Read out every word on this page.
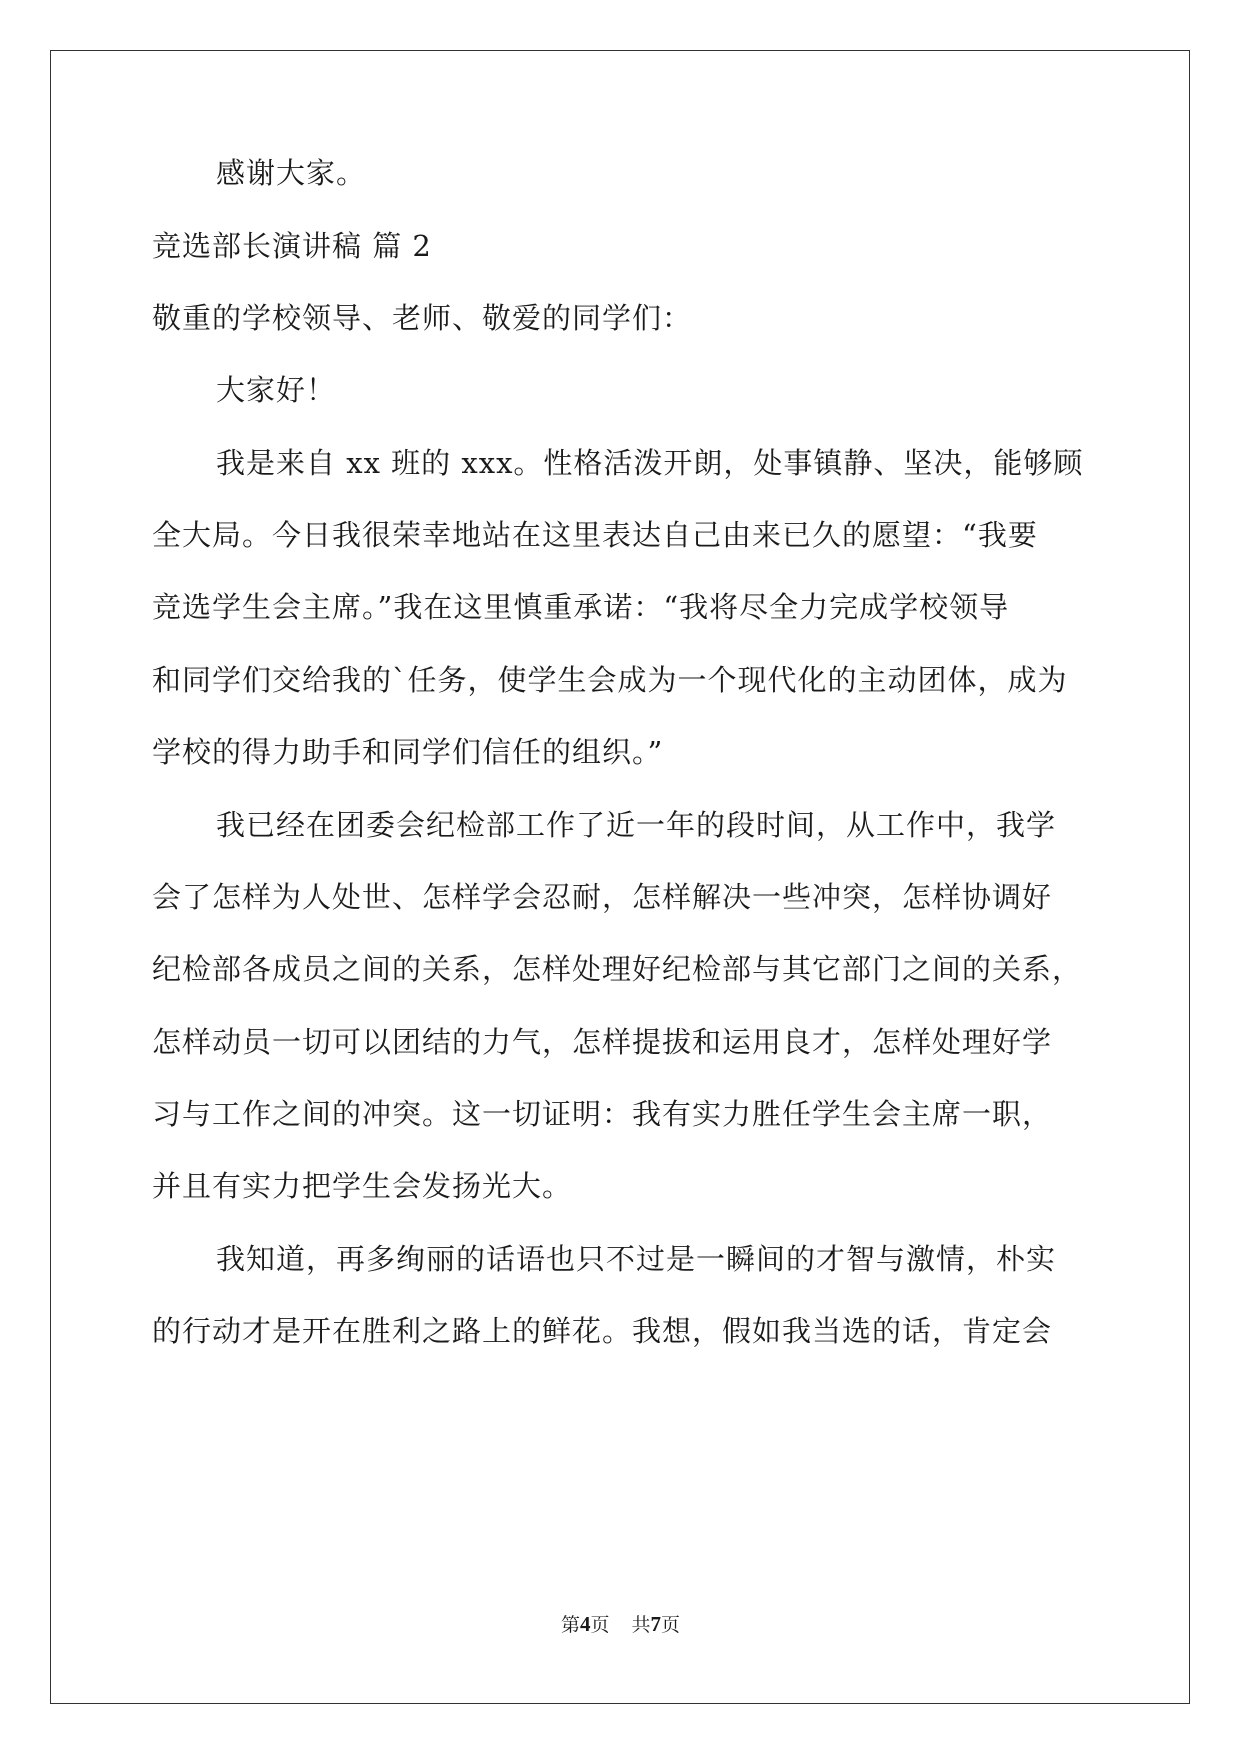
感谢大家。
竞选部长演讲稿 篇 2
敬重的学校领导、老师、敬爱的同学们：
大家好！
我是来自 xx 班的 xxx。性格活泼开朗，处事镇静、坚决，能够顾
全大局。今日我很荣幸地站在这里表达自己由来已久的愿望：“我要
竞选学生会主席。”我在这里慎重承诺：“我将尽全力完成学校领导
和同学们交给我的`任务，使学生会成为一个现代化的主动团体，成为
学校的得力助手和同学们信任的组织。”
我已经在团委会纪检部工作了近一年的段时间，从工作中，我学
会了怎样为人处世、怎样学会忍耐，怎样解决一些冲突，怎样协调好
纪检部各成员之间的关系，怎样处理好纪检部与其它部门之间的关系，
怎样动员一切可以团结的力气，怎样提拔和运用良才，怎样处理好学
习与工作之间的冲突。这一切证明：我有实力胜任学生会主席一职，
并且有实力把学生会发扬光大。
我知道，再多绚丽的话语也只不过是一瞬间的才智与激情，朴实
的行动才是开在胜利之路上的鲜花。我想，假如我当选的话，肯定会
第4页 共7页
